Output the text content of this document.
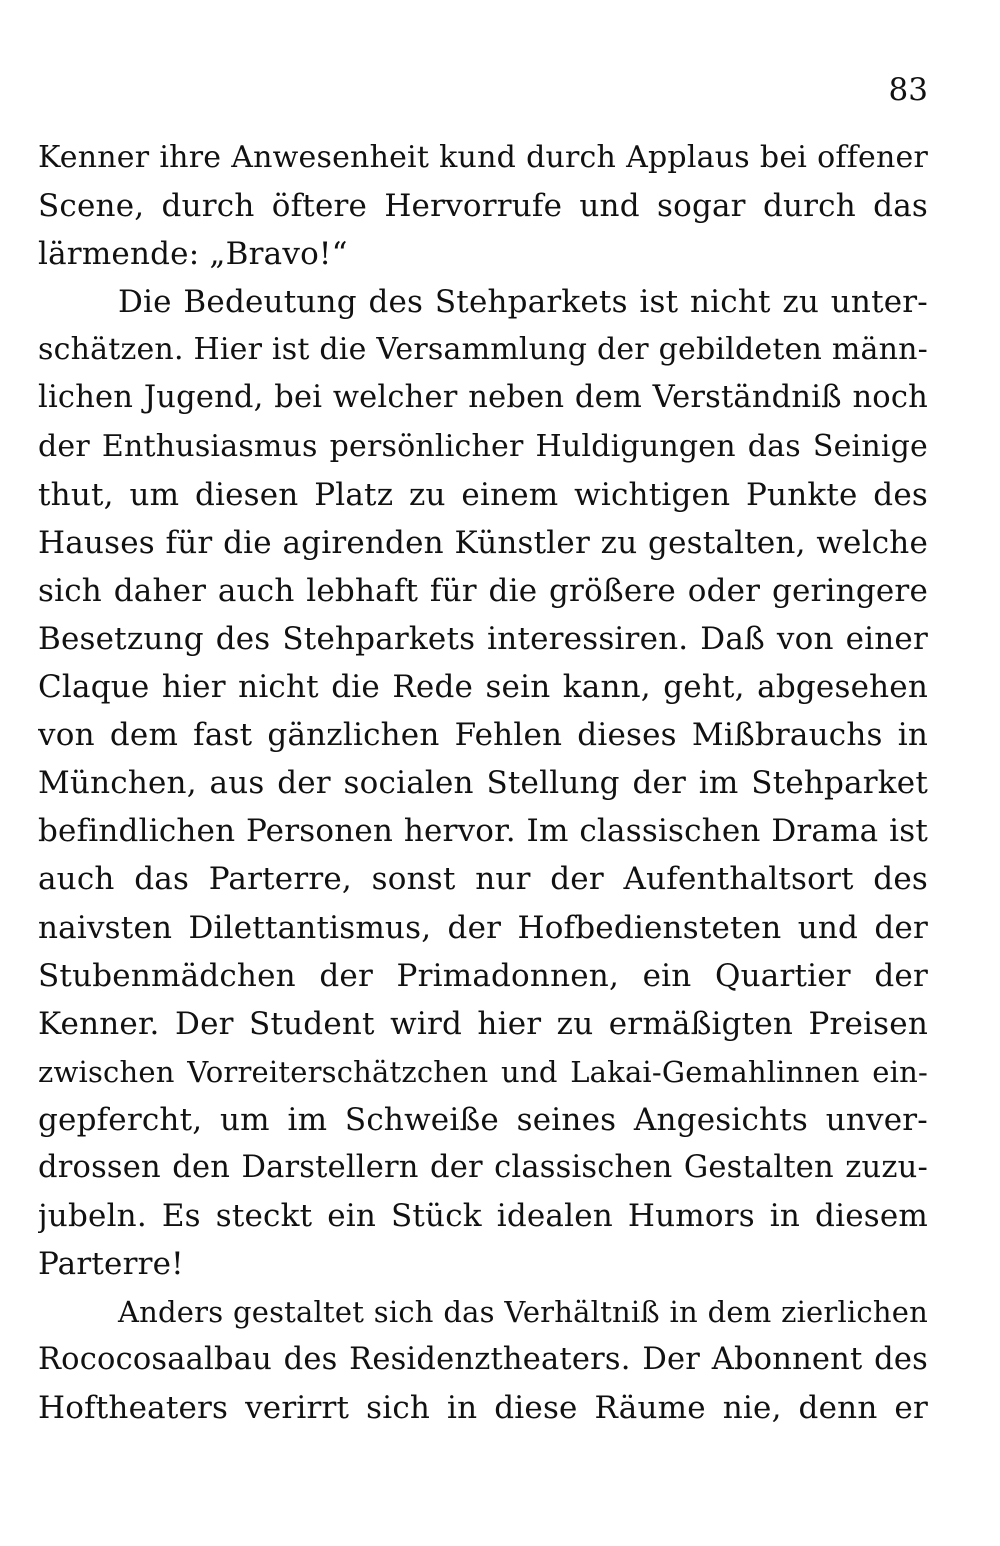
83
Kenner ihre Anwesenheit kund durch Applaus bei offener
Scene, durch öftere Hervorrufe und sogar durch das
lärmende: „Bravo!“
Die Bedeutung des Stehparkets ist nicht zu unter-
schätzen. Hier ist die Versammlung der gebildeten männ-
lichen Jugend, bei welcher neben dem Verständniß noch
der Enthusiasmus persönlicher Huldigungen das Seinige
thut, um diesen Platz zu einem wichtigen Punkte des
Hauses für die agirenden Künstler zu gestalten, welche
sich daher auch lebhaft für die größere oder geringere
Besetzung des Stehparkets interessiren. Daß von einer
Claque hier nicht die Rede sein kann, geht, abgesehen
von dem fast gänzlichen Fehlen dieses Mißbrauchs in
München, aus der socialen Stellung der im Stehparket
befindlichen Personen hervor. Im classischen Drama ist
auch das Parterre, sonst nur der Aufenthaltsort des
naivsten Dilettantismus, der Hofbediensteten und der
Stubenmädchen der Primadonnen, ein Quartier der
Kenner. Der Student wird hier zu ermäßigten Preisen
zwischen Vorreiterschätzchen und Lakai-Gemahlinnen ein-
gepfercht, um im Schweiße seines Angesichts unver-
drossen den Darstellern der classischen Gestalten zuzu-
jubeln. Es steckt ein Stück idealen Humors in diesem
Parterre!
Anders gestaltet sich das Verhältniß in dem zierlichen
Rococosaalbau des Residenztheaters. Der Abonnent des
Hoftheaters verirrt sich in diese Räume nie, denn er
